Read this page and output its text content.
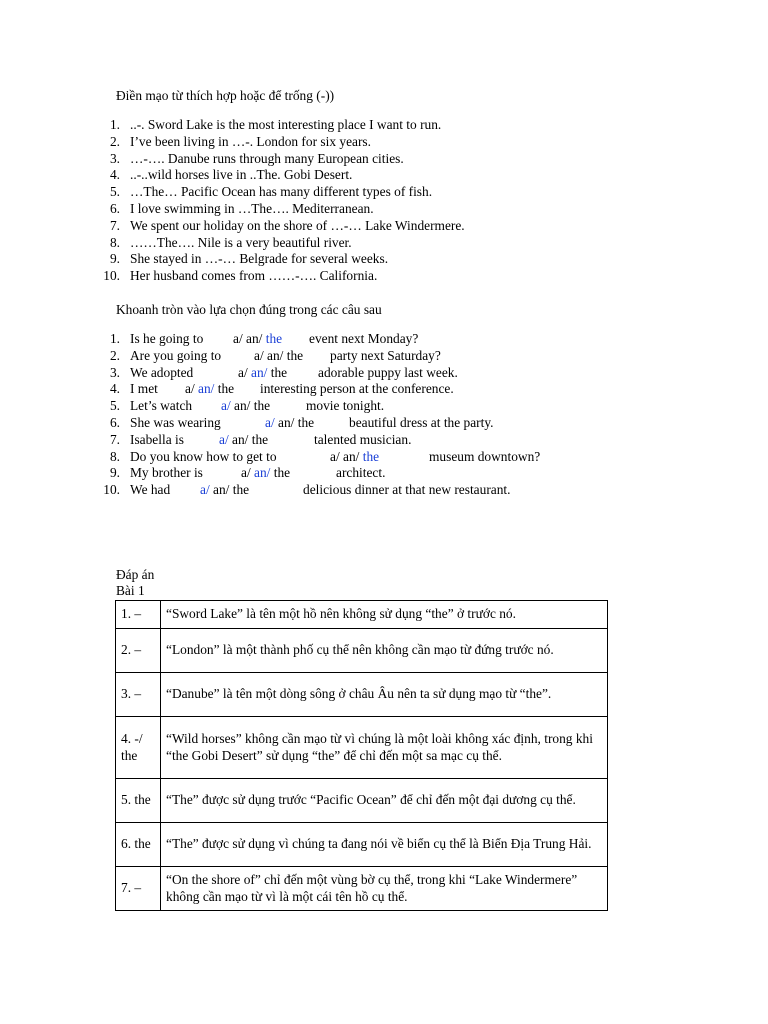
Điền mạo từ thích hợp hoặc để trống (-))
1. ..-. Sword Lake is the most interesting place I want to run.
2. I’ve been living in …-. London for six years.
3. …-…. Danube runs through many European cities.
4. ..-..wild horses live in ..The. Gobi Desert.
5. …The… Pacific Ocean has many different types of fish.
6. I love swimming in …The…. Mediterranean.
7. We spent our holiday on the shore of …-… Lake Windermere.
8. ……The…. Nile is a very beautiful river.
9. She stayed in …-… Belgrade for several weeks.
10. Her husband comes from ……-…. California.
Khoanh tròn vào lựa chọn đúng trong các câu sau
1. Is he going to a/ an/ the event next Monday?
2. Are you going to a/ an/ the party next Saturday?
3. We adopted	a/ an/ the adorable puppy last week.
4. I met a/ an/ the interesting person at the conference.
5. Let’s watch a/ an/ the	movie tonight.
6. She was wearing	a/ an/ the	beautiful dress at the party.
7. Isabella is	a/ an/ the	talented musician.
8. Do you know how to get to	a/ an/ the	museum downtown?
9. My brother is	a/ an/ the	architect.
10. We had a/ an/ the	delicious dinner at that new restaurant.
Đáp án
Bài 1
1. –	“Sword Lake” là tên một hồ nên không sử dụng “the” ở trước nó.
2. –	“London” là một thành phố cụ thể nên không cần mạo từ đứng trước nó.
3. –	“Danube” là tên một dòng sông ở châu Âu nên ta sử dụng mạo từ “the”.
4. -/ the	“Wild horses” không cần mạo từ vì chúng là một loài không xác định, trong khi “the Gobi Desert” sử dụng “the” để chỉ đến một sa mạc cụ thể.
5. the	“The” được sử dụng trước “Pacific Ocean” để chỉ đến một đại dương cụ thể.
6. the	“The” được sử dụng vì chúng ta đang nói về biển cụ thể là Biển Địa Trung Hải.
7. –	“On the shore of” chỉ đến một vùng bờ cụ thể, trong khi “Lake Windermere” không cần mạo từ vì là một cái tên hồ cụ thể.
